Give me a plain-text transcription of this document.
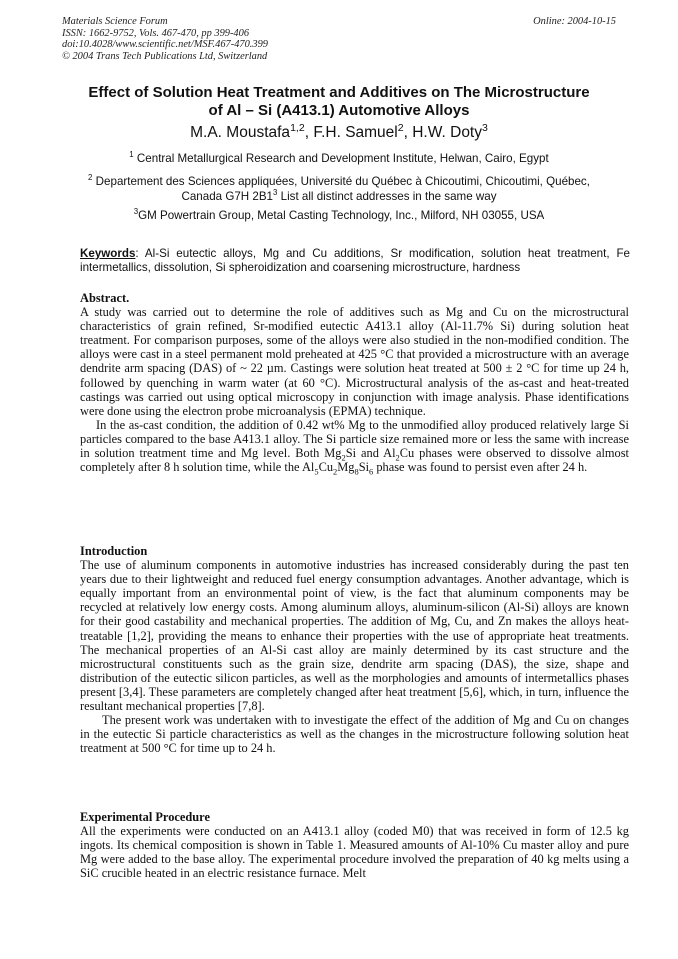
Materials Science Forum
ISSN: 1662-9752, Vols. 467-470, pp 399-406
doi:10.4028/www.scientific.net/MSF.467-470.399
© 2004 Trans Tech Publications Ltd, Switzerland
Online: 2004-10-15
Effect of Solution Heat Treatment and Additives on The Microstructure
of Al – Si (A413.1) Automotive Alloys
M.A. Moustafa$^{1,2}$, F.H. Samuel$^2$, H.W. Doty$^3$
$^1$ Central Metallurgical Research and Development Institute, Helwan, Cairo, Egypt
$^2$ Departement des Sciences appliquées, Université du Québec à Chicoutimi, Chicoutimi, Québec, Canada G7H $2B1^3$ List all distinct addresses in the same way
$^3$GM Powertrain Group, Metal Casting Technology, Inc., Milford, NH 03055, USA
Keywords: Al-Si eutectic alloys, Mg and Cu additions, Sr modification, solution heat treatment, Fe intermetallics, dissolution, Si spheroidization and coarsening microstructure, hardness
Abstract.

A study was carried out to determine the role of additives such as Mg and Cu on the microstructural characteristics of grain refined, Sr-modified eutectic A413.1 alloy (Al-11.7% Si) during solution heat treatment. For comparison purposes, some of the alloys were also studied in the non-modified condition. The alloys were cast in a steel permanent mold preheated at 425 °C that provided a microstructure with an average dendrite arm spacing (DAS) of ~ 22 µm. Castings were solution heat treated at 500 ± 2 °C for time up 24 h, followed by quenching in warm water (at 60 °C). Microstructural analysis of the as-cast and heat-treated castings was carried out using optical microscopy in conjunction with image analysis. Phase identifications were done using the electron probe microanalysis (EPMA) technique.

In the as-cast condition, the addition of 0.42 wt% Mg to the unmodified alloy produced relatively large Si particles compared to the base A413.1 alloy. The Si particle size remained more or less the same with increase in solution treatment time and Mg level. Both $Mg_2Si$ and $Al_2Cu$ phases were observed to dissolve almost completely after 8 h solution time, while the $Al_5Cu_2Mg_8Si_6$ phase was found to persist even after 24 h.

Introduction

The use of aluminum components in automotive industries has increased considerably during the past ten years due to their lightweight and reduced fuel energy consumption advantages. Another advantage, which is equally important from an environmental point of view, is the fact that aluminum components may be recycled at relatively low energy costs. Among aluminum alloys, aluminum-silicon (Al-Si) alloys are known for their good castability and mechanical properties. The addition of Mg, Cu, and Zn makes the alloys heat-treatable [1,2], providing the means to enhance their properties with the use of appropriate heat treatments. The mechanical properties of an Al-Si cast alloy are mainly determined by its cast structure and the microstructural constituents such as the grain size, dendrite arm spacing (DAS), the size, shape and distribution of the eutectic silicon particles, as well as the morphologies and amounts of intermetallics phases present [3,4]. These parameters are completely changed after heat treatment [5,6], which, in turn, influence the resultant mechanical properties [7,8].

The present work was undertaken with to investigate the effect of the addition of Mg and Cu on changes in the eutectic Si particle characteristics as well as the changes in the microstructure following solution heat treatment at 500 °C for time up to 24 h.

Experimental Procedure

All the experiments were conducted on an A413.1 alloy (coded M0) that was received in form of 12.5 kg ingots. Its chemical composition is shown in Table 1. Measured amounts of Al-10% Cu master alloy and pure Mg were added to the base alloy. The experimental procedure involved the preparation of 40 kg melts using a SiC crucible heated in an electric resistance furnace. Melt
